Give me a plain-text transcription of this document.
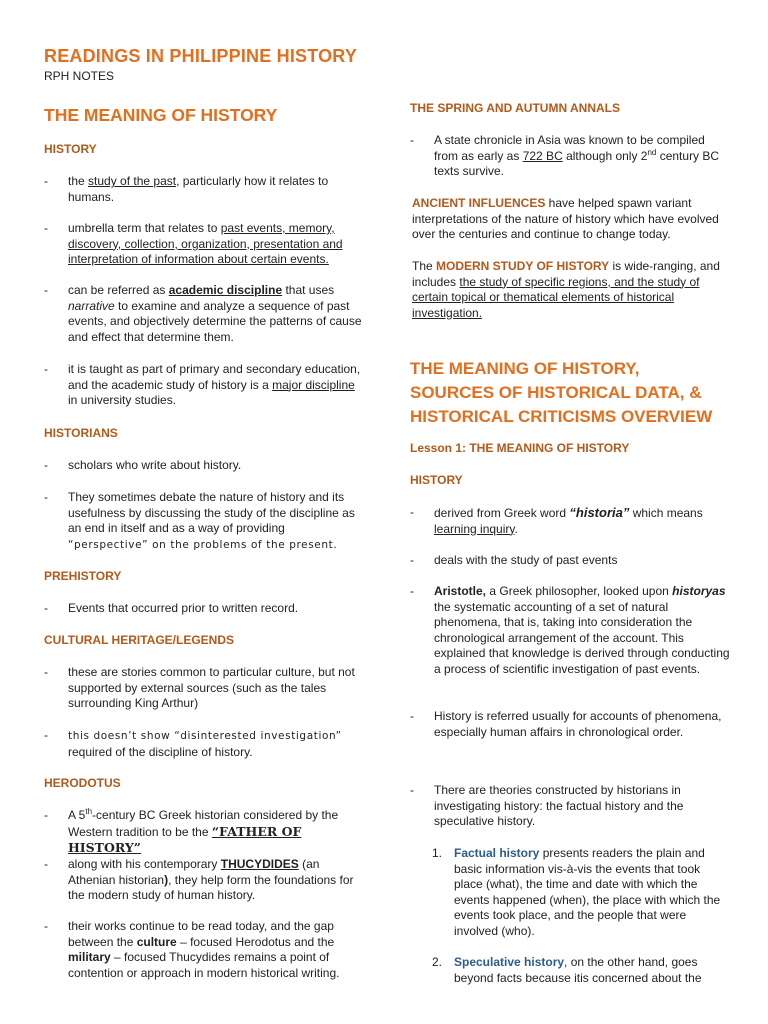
READINGS IN PHILIPPINE HISTORY
RPH NOTES
THE MEANING OF HISTORY
HISTORY
- the study of the past, particularly how it relates to humans.
- umbrella term that relates to past events, memory, discovery, collection, organization, presentation and interpretation of information about certain events.
- can be referred as academic discipline that uses narrative to examine and analyze a sequence of past events, and objectively determine the patterns of cause and effect that determine them.
- it is taught as part of primary and secondary education, and the academic study of history is a major discipline in university studies.
HISTORIANS
- scholars who write about history.
- They sometimes debate the nature of history and its usefulness by discussing the study of the discipline as an end in itself and as a way of providing “perspective” on the problems of the present.
PREHISTORY
- Events that occurred prior to written record.
CULTURAL HERITAGE/LEGENDS
- these are stories common to particular culture, but not supported by external sources (such as the tales surrounding King Arthur)
- this doesn’t show “disinterested investigation”
required of the discipline of history.
HERODOTUS
- A 5th-century BC Greek historian considered by the
Western tradition to be the “FATHER OF HISTORY”
- along with his contemporary THUCYDIDES (an Athenian historian), they help form the foundations for the modern study of human history.
- their works continue to be read today, and the gap between the culture – focused Herodotus and the military – focused Thucydides remains a point of contention or approach in modern historical writing.
THE SPRING AND AUTUMN ANNALS
- A state chronicle in Asia was known to be compiled from as early as 722 BC although only 2nd century BC texts survive.
ANCIENT INFLUENCES have helped spawn variant interpretations of the nature of history which have evolved over the centuries and continue to change today.
The MODERN STUDY OF HISTORY is wide-ranging, and includes the study of specific regions, and the study of certain topical or thematical elements of historical investigation.
THE MEANING OF HISTORY,
SOURCES OF HISTORICAL DATA, &
HISTORICAL CRITICISMS OVERVIEW
Lesson 1: THE MEANING OF HISTORY
HISTORY
- derived from Greek word “historia” which means learning inquiry.
- deals with the study of past events
- Aristotle, a Greek philosopher, looked upon historyas the systematic accounting of a set of natural phenomena, that is, taking into consideration the chronological arrangement of the account. This explained that knowledge is derived through conducting a process of scientific investigation of past events.
- History is referred usually for accounts of phenomena, especially human affairs in chronological order.
- There are theories constructed by historians in investigating history: the factual history and the speculative history.
1. Factual history presents readers the plain and basic information vis-à-vis the events that took place (what), the time and date with which the events happened (when), the place with which the events took place, and the people that were involved (who).
2. Speculative history, on the other hand, goes beyond facts because itis concerned about the
